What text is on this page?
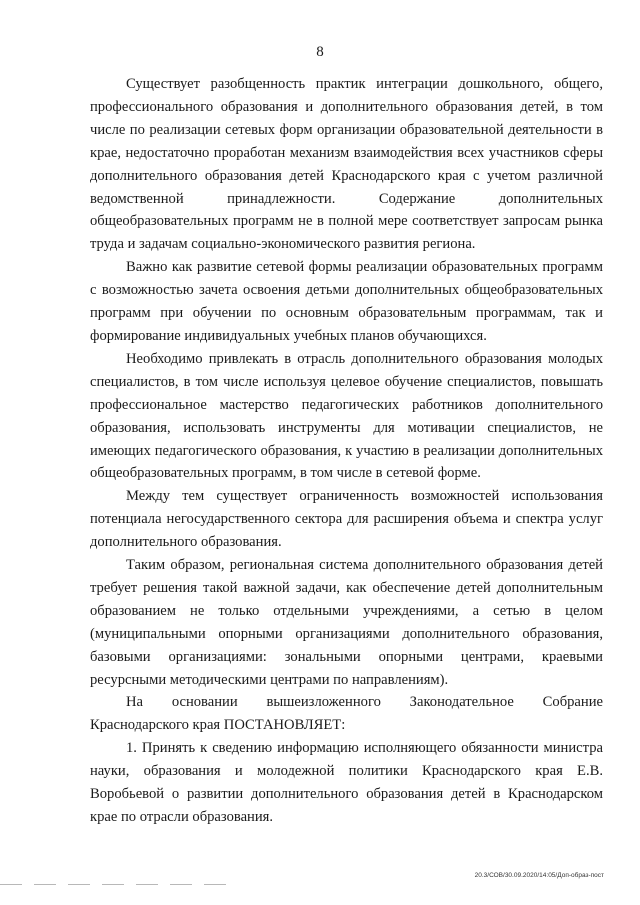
8

Существует разобщенность практик интеграции дошкольного, общего, профессионального образования и дополнительного образования детей, в том числе по реализации сетевых форм организации образовательной деятельности в крае, недостаточно проработан механизм взаимодействия всех участников сферы дополнительного образования детей Краснодарского края с учетом различной ведомственной принадлежности. Содержание дополнительных общеобразовательных программ не в полной мере соответствует запросам рынка труда и задачам социально-экономического развития региона.

Важно как развитие сетевой формы реализации образовательных программ с возможностью зачета освоения детьми дополнительных общеобразовательных программ при обучении по основным образовательным программам, так и формирование индивидуальных учебных планов обучающихся.

Необходимо привлекать в отрасль дополнительного образования молодых специалистов, в том числе используя целевое обучение специалистов, повышать профессиональное мастерство педагогических работников дополнительного образования, использовать инструменты для мотивации специалистов, не имеющих педагогического образования, к участию в реализации дополнительных общеобразовательных программ, в том числе в сетевой форме.

Между тем существует ограниченность возможностей использования потенциала негосударственного сектора для расширения объема и спектра услуг дополнительного образования.

Таким образом, региональная система дополнительного образования детей требует решения такой важной задачи, как обеспечение детей дополнительным образованием не только отдельными учреждениями, а сетью в целом (муниципальными опорными организациями дополнительного образования, базовыми организациями: зональными опорными центрами, краевыми ресурсными методическими центрами по направлениям).

На основании вышеизложенного Законодательное Собрание Краснодарского края ПОСТАНОВЛЯЕТ:

1. Принять к сведению информацию исполняющего обязанности министра науки, образования и молодежной политики Краснодарского края Е.В. Воробьевой о развитии дополнительного образования детей в Краснодарском крае по отрасли образования.

20.3/СОВ/30.09.2020/14:05/Доп-образ-пост
